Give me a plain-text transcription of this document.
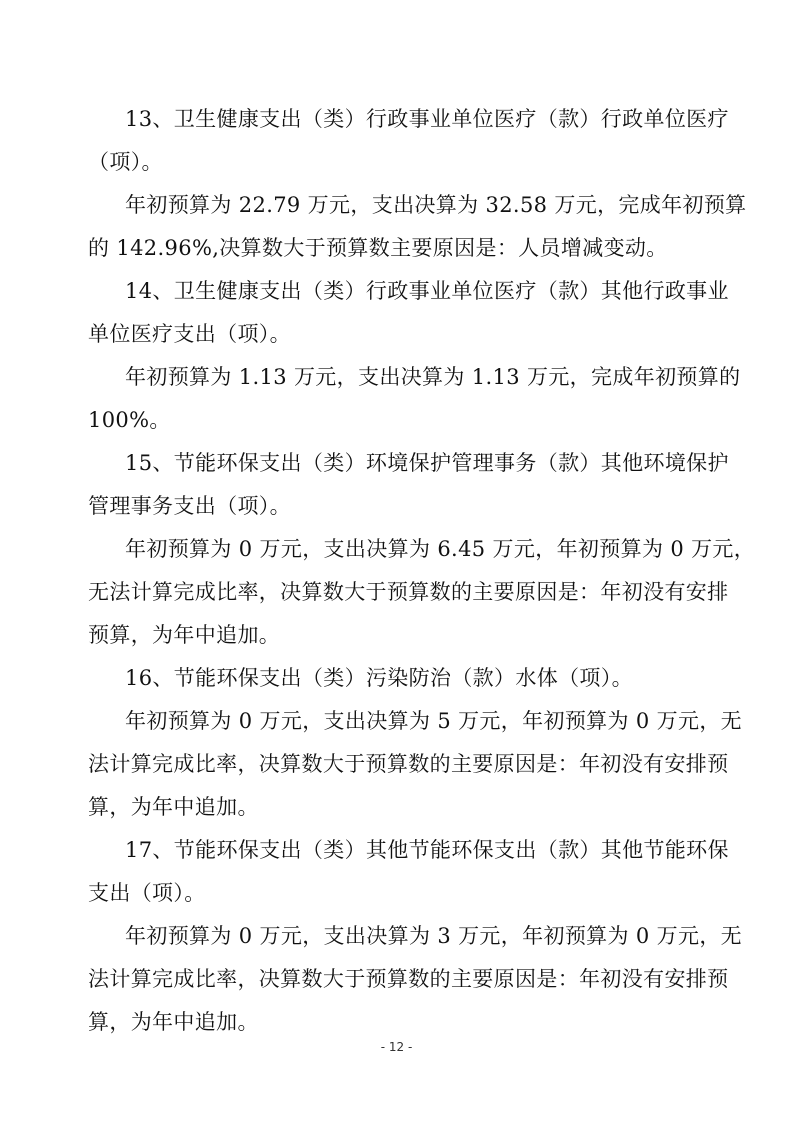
13、卫生健康支出（类）行政事业单位医疗（款）行政单位医疗
（项）。

年初预算为 22.79 万元，支出决算为 32.58 万元，完成年初预算
的 142.96%,决算数大于预算数主要原因是：人员增减变动。

14、卫生健康支出（类）行政事业单位医疗（款）其他行政事业
单位医疗支出（项）。

年初预算为 1.13 万元，支出决算为 1.13 万元，完成年初预算的
100%。

15、节能环保支出（类）环境保护管理事务（款）其他环境保护
管理事务支出（项）。

年初预算为 0 万元，支出决算为 6.45 万元，年初预算为 0 万元，
无法计算完成比率，决算数大于预算数的主要原因是：年初没有安排
预算，为年中追加。

16、节能环保支出（类）污染防治（款）水体（项）。

年初预算为 0 万元，支出决算为 5 万元，年初预算为 0 万元，无
法计算完成比率，决算数大于预算数的主要原因是：年初没有安排预
算，为年中追加。

17、节能环保支出（类）其他节能环保支出（款）其他节能环保
支出（项）。

年初预算为 0 万元，支出决算为 3 万元，年初预算为 0 万元，无
法计算完成比率，决算数大于预算数的主要原因是：年初没有安排预
算，为年中追加。

- 12 -
